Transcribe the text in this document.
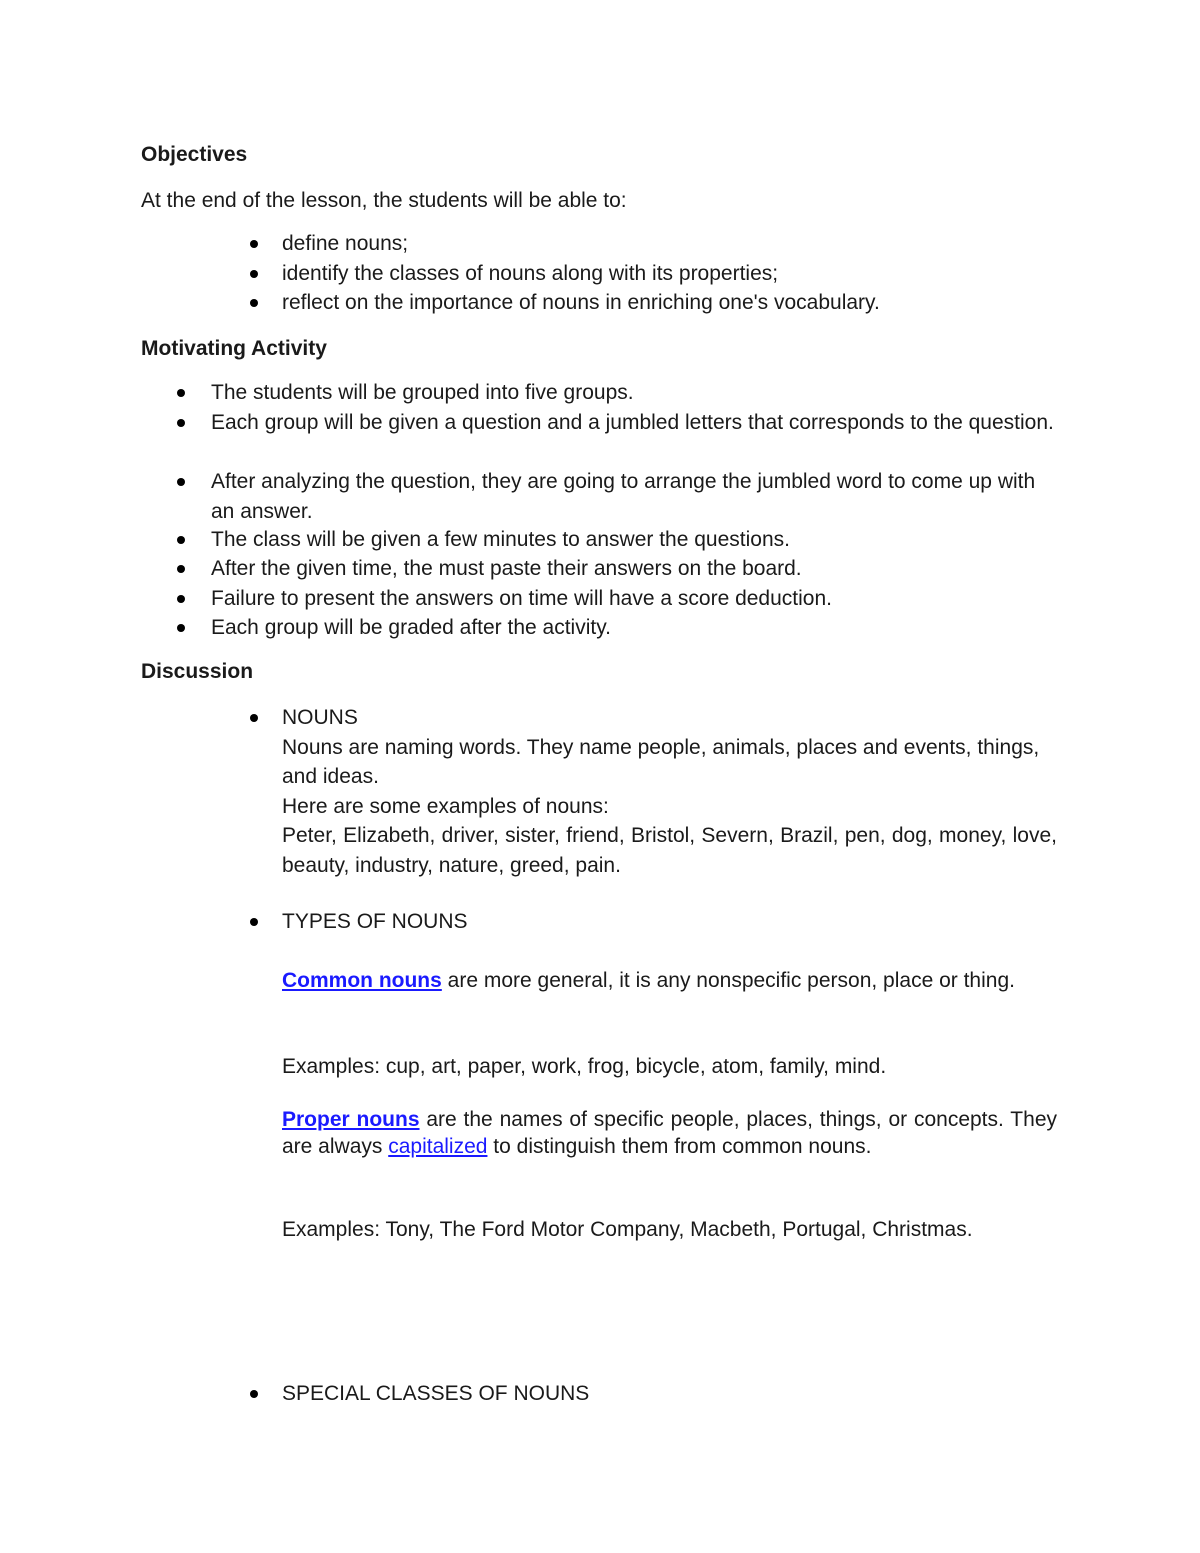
Objectives
At the end of the lesson, the students will be able to:
define nouns;
identify the classes of nouns along with its properties;
reflect on the importance of nouns in enriching one's vocabulary.
Motivating Activity
The students will be grouped into five groups.
Each group will be given a question and a jumbled letters that corresponds to the question.
After analyzing the question, they are going to arrange the jumbled word to come up with an answer.
The class will be given a few minutes to answer the questions.
After the given time, the must paste their answers on the board.
Failure to present the answers on time will have a score deduction.
Each group will be graded after the activity.
Discussion
NOUNS
Nouns are naming words. They name people, animals, places and events, things, and ideas.
Here are some examples of nouns:
Peter, Elizabeth, driver, sister, friend, Bristol, Severn, Brazil, pen, dog, money, love, beauty, industry, nature, greed, pain.
TYPES OF NOUNS
Common nouns are more general, it is any nonspecific person, place or thing.
Examples: cup, art, paper, work, frog, bicycle, atom, family, mind.
Proper nouns are the names of specific people, places, things, or concepts. They are always capitalized to distinguish them from common nouns.
Examples: Tony, The Ford Motor Company, Macbeth, Portugal, Christmas.
SPECIAL CLASSES OF NOUNS
